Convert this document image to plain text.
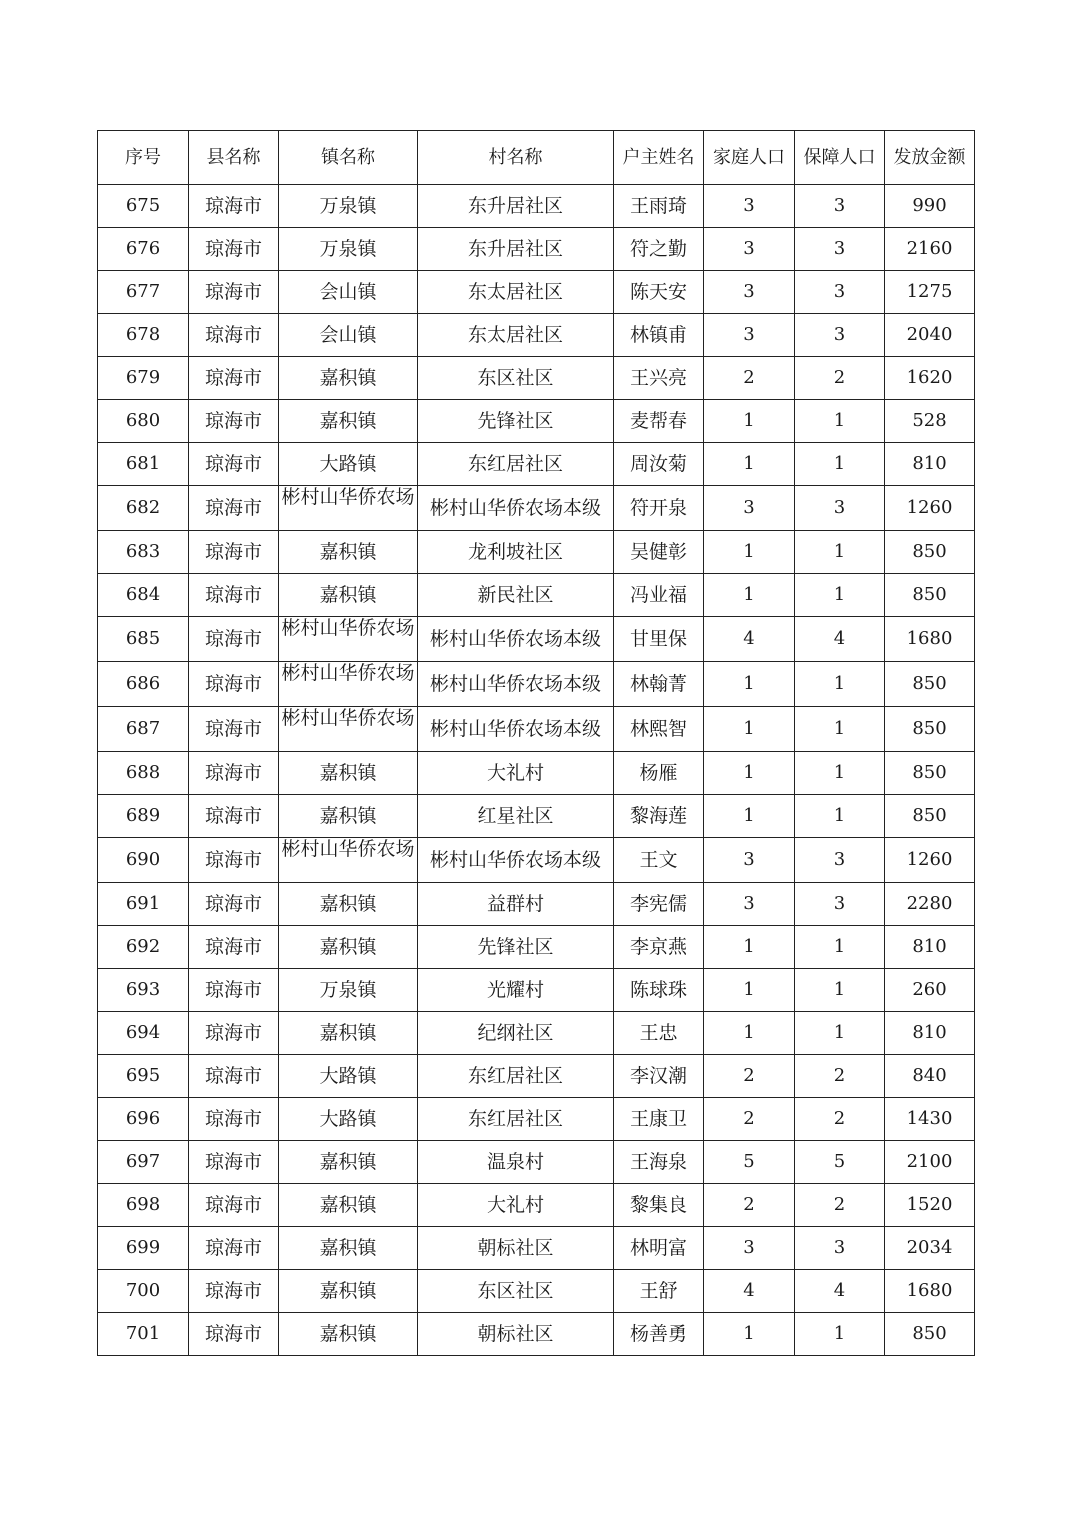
序号	县名称	镇名称	村名称	户主姓名	家庭人口	保障人口	发放金额
675	琼海市	万泉镇	东升居社区	王雨琦	3	3	990
676	琼海市	万泉镇	东升居社区	符之勤	3	3	2160
677	琼海市	会山镇	东太居社区	陈天安	3	3	1275
678	琼海市	会山镇	东太居社区	林镇甫	3	3	2040
679	琼海市	嘉积镇	东区社区	王兴亮	2	2	1620
680	琼海市	嘉积镇	先锋社区	麦帮春	1	1	528
681	琼海市	大路镇	东红居社区	周汝菊	1	1	810
682	琼海市	彬村山华侨农场	彬村山华侨农场本级	符开泉	3	3	1260
683	琼海市	嘉积镇	龙利坡社区	吴健彰	1	1	850
684	琼海市	嘉积镇	新民社区	冯业福	1	1	850
685	琼海市	彬村山华侨农场	彬村山华侨农场本级	甘里保	4	4	1680
686	琼海市	彬村山华侨农场	彬村山华侨农场本级	林翰菁	1	1	850
687	琼海市	彬村山华侨农场	彬村山华侨农场本级	林熙智	1	1	850
688	琼海市	嘉积镇	大礼村	杨雁	1	1	850
689	琼海市	嘉积镇	红星社区	黎海莲	1	1	850
690	琼海市	彬村山华侨农场	彬村山华侨农场本级	王文	3	3	1260
691	琼海市	嘉积镇	益群村	李宪儒	3	3	2280
692	琼海市	嘉积镇	先锋社区	李京燕	1	1	810
693	琼海市	万泉镇	光耀村	陈球珠	1	1	260
694	琼海市	嘉积镇	纪纲社区	王忠	1	1	810
695	琼海市	大路镇	东红居社区	李汉潮	2	2	840
696	琼海市	大路镇	东红居社区	王康卫	2	2	1430
697	琼海市	嘉积镇	温泉村	王海泉	5	5	2100
698	琼海市	嘉积镇	大礼村	黎集良	2	2	1520
699	琼海市	嘉积镇	朝标社区	林明富	3	3	2034
700	琼海市	嘉积镇	东区社区	王舒	4	4	1680
701	琼海市	嘉积镇	朝标社区	杨善勇	1	1	850
